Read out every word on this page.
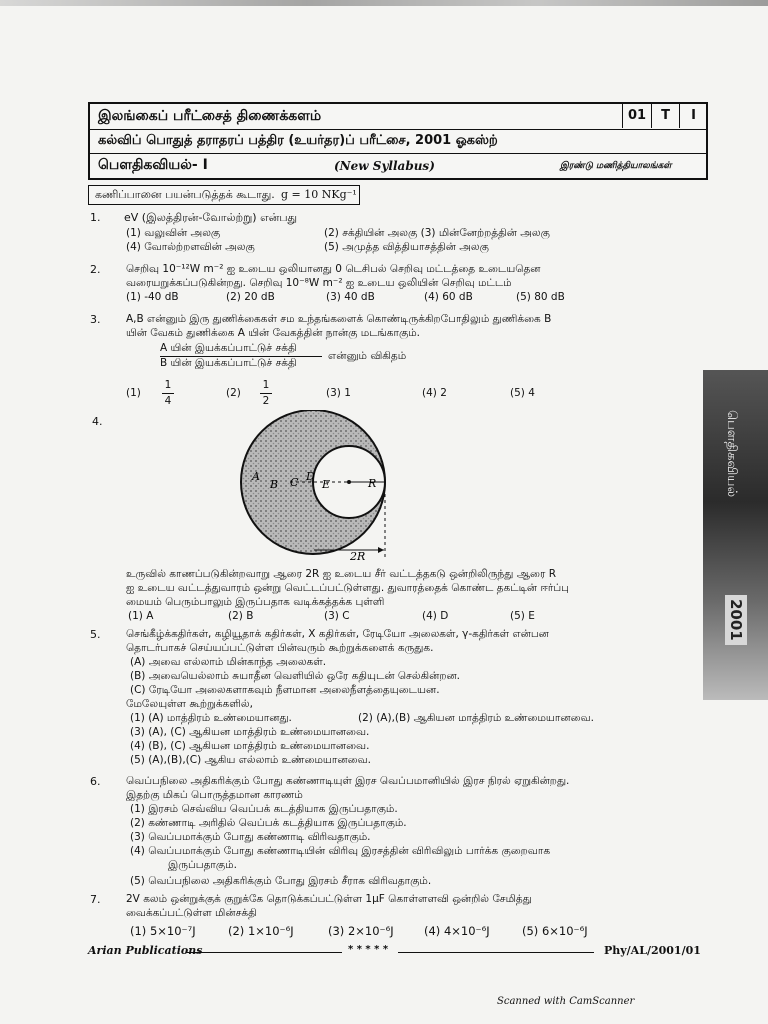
இலங்கைப் பரீட்சைத் திணைக்களம்	01	T	I
கல்விப் பொதுத் தராதரப் பத்திர (உயர்தர)ப் பரீட்சை, 2001 ஓகஸ்ற்
பௌதிகவியல்- I	(New Syllabus)	இரண்டு மணித்தியாலங்கள்
கணிப்பானை பயன்படுத்தக் கூடாது. g = 10 NKg⁻¹
1. eV (இலத்திரன்-வோல்ற்று) என்பது
(1) வலுவின் அலகு	(2) சக்தியின் அலகு (3) மின்னேற்றத்தின் அலகு
(4) வோல்ற்றளவின் அலகு	(5) அமுத்த வித்தியாசத்தின் அலகு
2. செறிவு 10⁻¹²W m⁻² ஐ உடைய ஒலியானது 0 டெசிபல் செறிவு மட்டத்தை உடையதென
வரையறுக்கப்படுகின்றது. செறிவு 10⁻⁸W m⁻² ஐ உடைய ஒலியின் செறிவு மட்டம்
(1) -40 dB	(2) 20 dB	(3) 40 dB	(4) 60 dB	(5) 80 dB
3. A,B என்னும் இரு துணிக்கைகள் சம உந்தங்களைக் கொண்டிருக்கிறபோதிலும் துணிக்கை B
யின் வேகம் துணிக்கை A யின் வேகத்தின் நான்கு மடங்காகும்.
A யின் இயக்கப்பாட்டுச் சக்தி
B யின் இயக்கப்பாட்டுச் சக்தி
என்னும் விகிதம்
$(1) \frac{1}{4}$	$(2) \frac{1}{2}$	(3) 1	(4) 2	(5) 4
4.
A
B C D
E	R
2R
உருவில் காணப்படுகின்றவாறு ஆரை 2R ஐ உடைய சீர் வட்டத்தகடு ஒன்றிலிருந்து ஆரை R
ஐ உடைய வட்டத்துவாரம் ஒன்று வெட்டப்பட்டுள்ளது. துவாரத்தைக் கொண்ட தகட்டின் ஈர்ப்பு
மையம் பெரும்பாலும் இருப்பதாக வடிக்கத்தக்க புள்ளி
(1) A	(2) B	(3) C	(4) D	(5) E
5. செங்கீழ்க்கதிர்கள், கழியூதாக் கதிர்கள், X கதிர்கள், ரேடியோ அலைகள், γ-கதிர்கள் என்பன
தொடர்பாகச் செய்யப்பட்டுள்ள பின்வரும் கூற்றுக்களைக் கருதுக.
(A) அவை எல்லாம் மின்காந்த அலைகள்.
(B) அவையெல்லாம் சுயாதீன வெளியில் ஒரே கதியுடன் செல்கின்றன.
(C) ரேடியோ அலைகளாகவும் நீளமான அலைநீளத்தையுடையன.
மேலேயுள்ள கூற்றுக்களில்,
(1) (A) மாத்திரம் உண்மையானது.	(2) (A),(B) ஆகியன மாத்திரம் உண்மையானவை.
(3) (A), (C) ஆகியன மாத்திரம் உண்மையானவை.
(4) (B), (C) ஆகியன மாத்திரம் உண்மையானவை.
(5) (A),(B),(C) ஆகிய எல்லாம் உண்மையானவை.
6. வெப்பநிலை அதிகரிக்கும் போது கண்ணாடியுள் இரச வெப்பமானியில் இரச நிரல் ஏறுகின்றது.
இதற்கு மிகப் பொருத்தமான காரணம்
(1) இரசம் செவ்விய வெப்பக் கடத்தியாக இருப்பதாகும்.
(2) கண்ணாடி அரிதில் வெப்பக் கடத்தியாக இருப்பதாகும்.
(3) வெப்பமாக்கும் போது கண்ணாடி விரிவதாகும்.
(4) வெப்பமாக்கும் போது கண்ணாடியின் விரிவு இரசத்தின் விரிவிலும் பார்க்க குறைவாக
இருப்பதாகும்.
(5) வெப்பநிலை அதிகரிக்கும் போது இரசம் சீராக விரிவதாகும்.
7. 2V கலம் ஒன்றுக்குக் குறுக்கே தொடுக்கப்பட்டுள்ள 1μF கொள்ளளவி ஒன்றில் சேமித்து
வைக்கப்பட்டுள்ள மின்சக்தி
(1) 5×10⁻⁷J	(2) 1×10⁻⁶J	(3) 2×10⁻⁶J	(4) 4×10⁻⁶J	(5) 6×10⁻⁶J
Arian Publications	* * * * *	Phy/AL/2001/01
பௌதிகவியல்
2001
Scanned with CamScanner
